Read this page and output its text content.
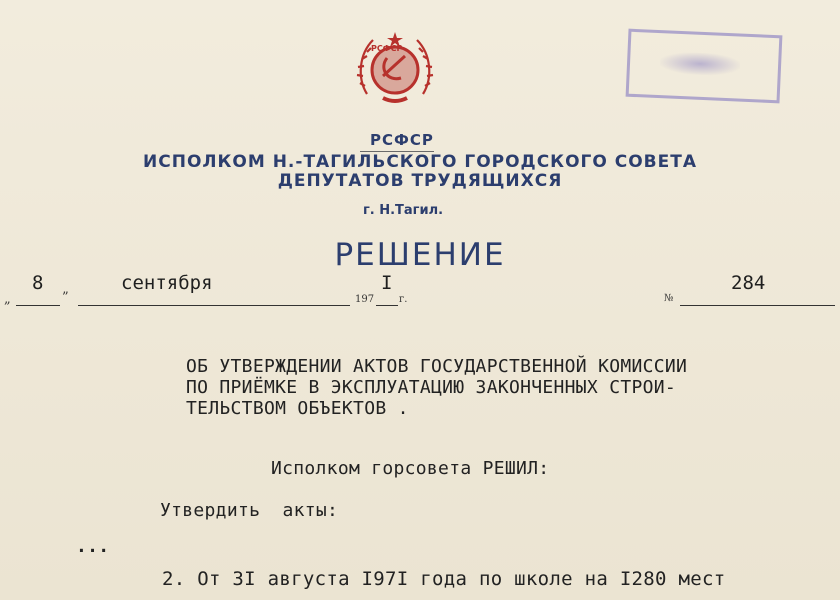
РСФСР
РСФСР
ИСПОЛКОМ Н.-ТАГИЛЬСКОГО ГОРОДСКОГО СОВЕТА
ДЕПУТАТОВ ТРУДЯЩИХСЯ
г. Н.Тагил.
РЕШЕНИЕ
„
8
”
сентября
197
I
г.	№
284
ОБ УТВЕРЖДЕНИИ АКТОВ ГОСУДАРСТВЕННОЙ КОМИССИИ
ПО ПРИЁМКЕ В ЭКСПЛУАТАЦИЮ ЗАКОНЧЕННЫХ СТРОИ-
ТЕЛЬСТВОМ ОБЪЕКТОВ .
Исполком горсовета РЕШИЛ:
Утвердить  акты:
...
2. От 3I августа I97I года по школе на I280 мест
